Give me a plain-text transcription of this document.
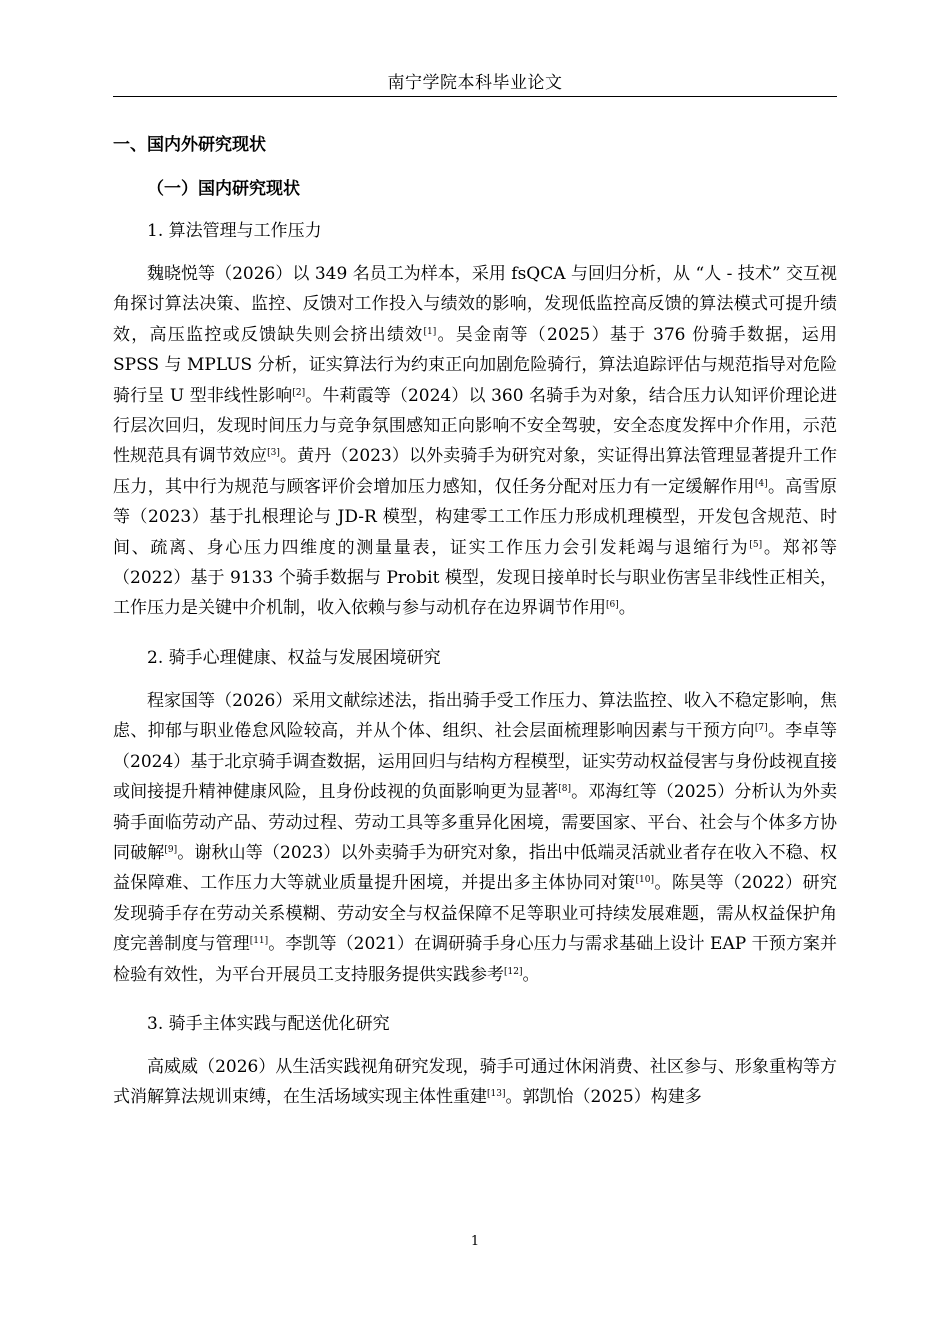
南宁学院本科毕业论文
一、国内外研究现状
（一）国内研究现状
1. 算法管理与工作压力

魏晓悦等（2026）以 349 名员工为样本，采用 fsQCA 与回归分析，从 “人 - 技术” 交互视角探讨算法决策、监控、反馈对工作投入与绩效的影响，发现低监控高反馈的算法模式可提升绩效，高压监控或反馈缺失则会挤出绩效[1]。吴金南等（2025）基于 376 份骑手数据，运用 SPSS 与 MPLUS 分析，证实算法行为约束正向加剧危险骑行，算法追踪评估与规范指导对危险骑行呈 U 型非线性影响[2]。牛莉霞等（2024）以 360 名骑手为对象，结合压力认知评价理论进行层次回归，发现时间压力与竞争氛围感知正向影响不安全驾驶，安全态度发挥中介作用，示范性规范具有调节效应[3]。黄丹（2023）以外卖骑手为研究对象，实证得出算法管理显著提升工作压力，其中行为规范与顾客评价会增加压力感知，仅任务分配对压力有一定缓解作用[4]。高雪原等（2023）基于扎根理论与 JD-R 模型，构建零工工作压力形成机理模型，开发包含规范、时间、疏离、身心压力四维度的测量量表，证实工作压力会引发耗竭与退缩行为[5]。郑祁等（2022）基于 9133 个骑手数据与 Probit 模型，发现日接单时长与职业伤害呈非线性正相关，工作压力是关键中介机制，收入依赖与参与动机存在边界调节作用[6]。

2. 骑手心理健康、权益与发展困境研究

程家国等（2026）采用文献综述法，指出骑手受工作压力、算法监控、收入不稳定影响，焦虑、抑郁与职业倦怠风险较高，并从个体、组织、社会层面梳理影响因素与干预方向[7]。李卓等（2024）基于北京骑手调查数据，运用回归与结构方程模型，证实劳动权益侵害与身份歧视直接或间接提升精神健康风险，且身份歧视的负面影响更为显著[8]。邓海红等（2025）分析认为外卖骑手面临劳动产品、劳动过程、劳动工具等多重异化困境，需要国家、平台、社会与个体多方协同破解[9]。谢秋山等（2023）以外卖骑手为研究对象，指出中低端灵活就业者存在收入不稳、权益保障难、工作压力大等就业质量提升困境，并提出多主体协同对策[10]。陈昊等（2022）研究发现骑手存在劳动关系模糊、劳动安全与权益保障不足等职业可持续发展难题，需从权益保护角度完善制度与管理[11]。李凯等（2021）在调研骑手身心压力与需求基础上设计 EAP 干预方案并检验有效性，为平台开展员工支持服务提供实践参考[12]。

3. 骑手主体实践与配送优化研究

高威威（2026）从生活实践视角研究发现，骑手可通过休闲消费、社区参与、形象重构等方式消解算法规训束缚，在生活场域实现主体性重建[13]。郭凯怡（2025）构建多

1
